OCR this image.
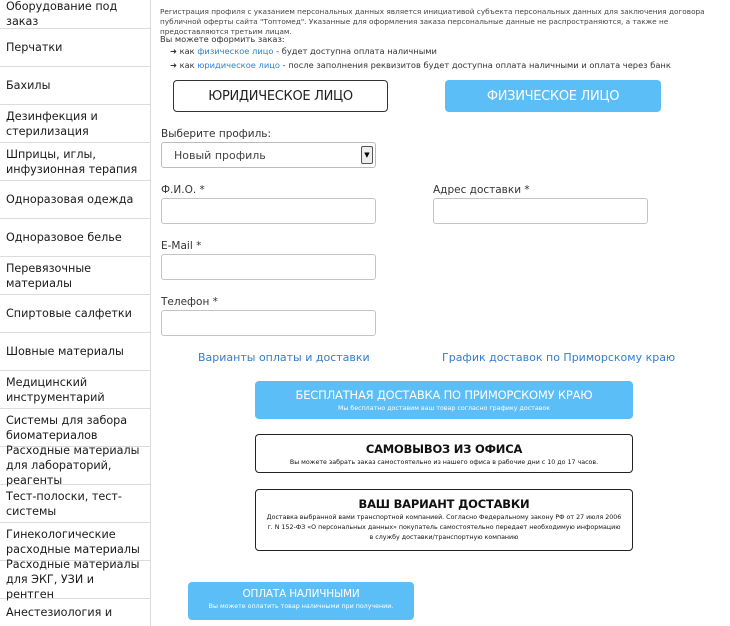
Оборудование под заказ
Перчатки
Бахилы
Дезинфекция и стерилизация
Шприцы, иглы, инфузионная терапия
Одноразовая одежда
Одноразовое белье
Перевязочные материалы
Спиртовые салфетки
Шовные материалы
Медицинский инструментарий
Системы для забора биоматериалов
Расходные материалы для лабораторий, реагенты
Тест-полоски, тест-системы
Гинекологические расходные материалы
Расходные материалы для ЭКГ, УЗИ и рентген
Анестезиология и
Регистрация профиля с указанием персональных данных является инициативой субъекта персональных данных для заключения договора публичной оферты сайта "Топтомед". Указанные для оформления заказа персональные данные не распространяются, а также не предоставляются третьим лицам.
Вы можете оформить заказ:
➜ как физическое лицо - будет доступна оплата наличными
➜ как юридическое лицо - после заполнения реквизитов будет доступна оплата наличными и оплата через банк
ЮРИДИЧЕСКОЕ ЛИЦО	ФИЗИЧЕСКОЕ ЛИЦО
Выберите профиль:
Новый профиль	▼
Ф.И.О. *	Адрес доставки *
E-Mail *
Телефон *
Варианты оплаты и доставки	График доставок по Приморскому краю
БЕСПЛАТНАЯ ДОСТАВКА ПО ПРИМОРСКОМУ КРАЮ
Мы бесплатно доставим ваш товар согласно графику доставок
САМОВЫВОЗ ИЗ ОФИСА
Вы можете забрать заказ самостоятельно из нашего офиса в рабочие дни с 10 до 17 часов.
ВАШ ВАРИАНТ ДОСТАВКИ
Доставка выбранной вами транспортной компанией. Согласно Федеральному закону РФ от 27 июля 2006 г. N 152-ФЗ «О персональных данных» покупатель самостоятельно передает необходимую информацию в службу доставки/транспортную компанию
ОПЛАТА НАЛИЧНЫМИ
Вы можете оплатить товар наличными при получении.
